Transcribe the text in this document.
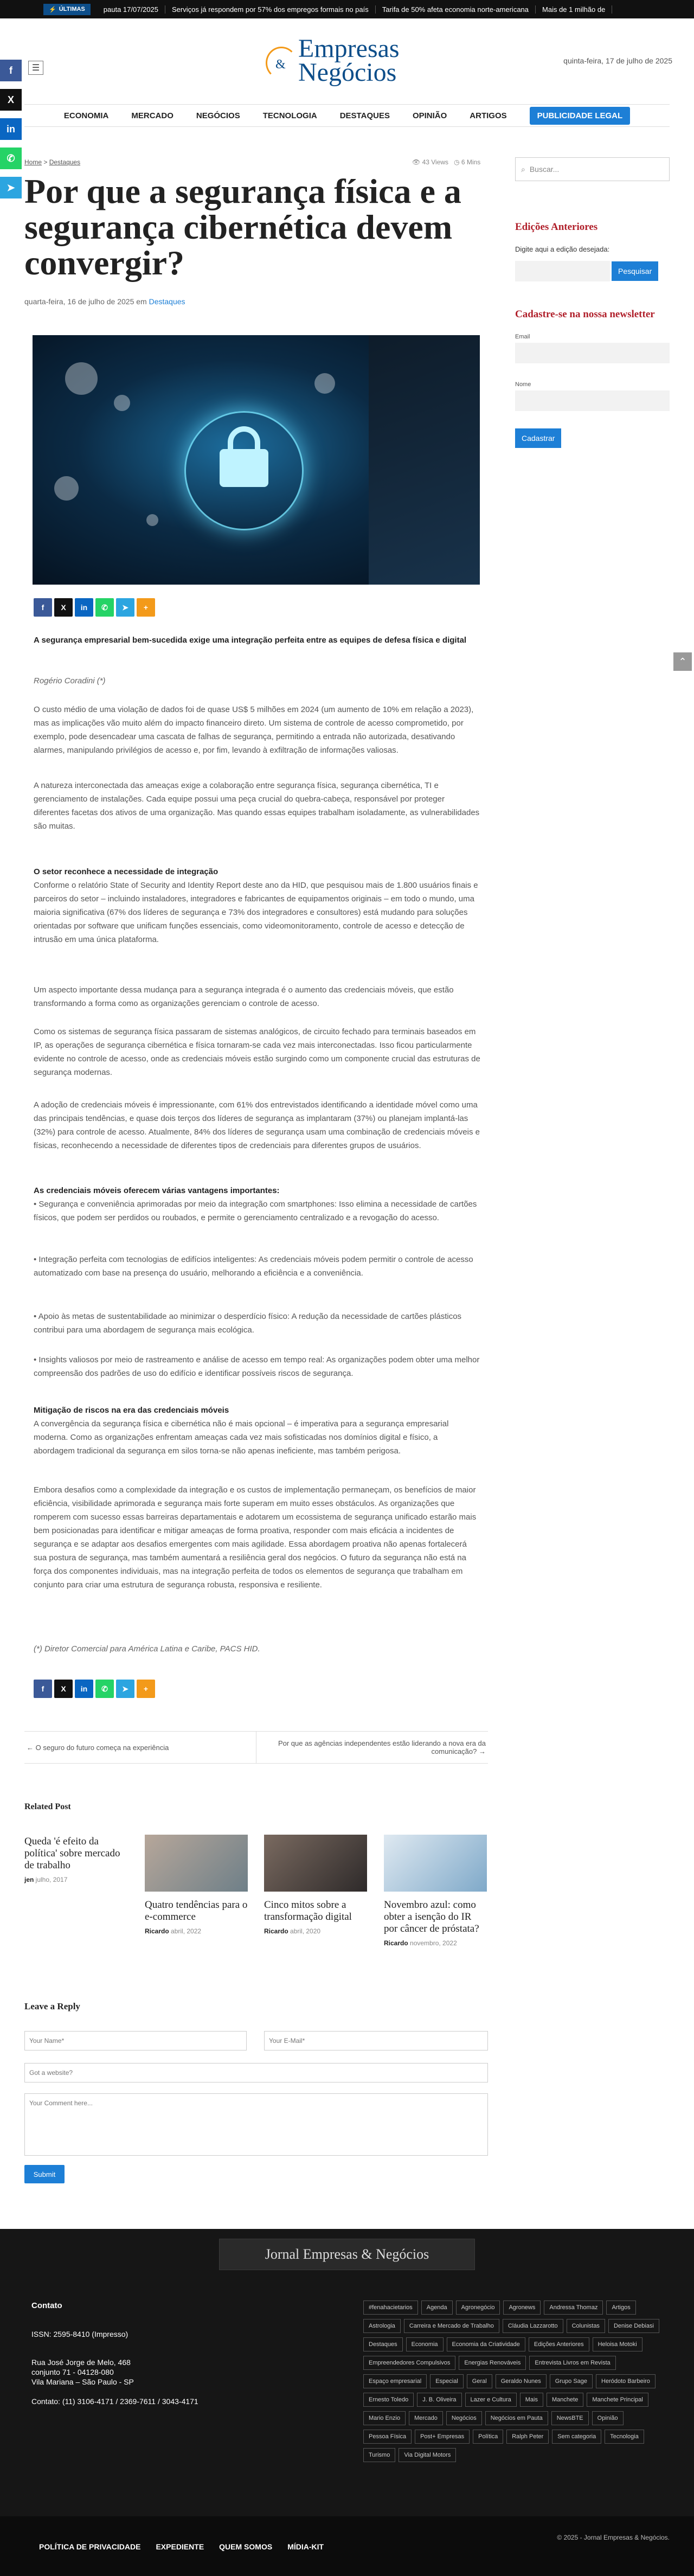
⚡ ÚLTIMAS	pauta 17/07/2025	Serviços já respondem por 57% dos empregos formais no país	Tarifa de 50% afeta economia norte-americana	Mais de 1 milhão de
f
X
in
✆
➤
☰
Empresas
& Negócios	quinta-feira, 17 de julho de 2025
ECONOMIA	MERCADO	NEGÓCIOS	TECNOLOGIA	DESTAQUES	OPINIÃO	ARTIGOS	PUBLICIDADE LEGAL
Home > Destaques	👁 43 Views ◷ 6 Mins
Por que a segurança física e a segurança cibernética devem convergir?
quarta-feira, 16 de julho de 2025 em Destaques
f	X	in	✆	➤	+
A segurança empresarial bem-sucedida exige uma integração perfeita entre as equipes de defesa física e digital
Rogério Coradini (*)
O custo médio de uma violação de dados foi de quase US$ 5 milhões em 2024 (um aumento de 10% em relação a 2023), mas as implicações vão muito além do impacto financeiro direto. Um sistema de controle de acesso comprometido, por exemplo, pode desencadear uma cascata de falhas de segurança, permitindo a entrada não autorizada, desativando alarmes, manipulando privilégios de acesso e, por fim, levando à exfiltração de informações valiosas.
A natureza interconectada das ameaças exige a colaboração entre segurança física, segurança cibernética, TI e gerenciamento de instalações. Cada equipe possui uma peça crucial do quebra-cabeça, responsável por proteger diferentes facetas dos ativos de uma organização. Mas quando essas equipes trabalham isoladamente, as vulnerabilidades são muitas.
O setor reconhece a necessidade de integração
Conforme o relatório State of Security and Identity Report deste ano da HID, que pesquisou mais de 1.800 usuários finais e parceiros do setor – incluindo instaladores, integradores e fabricantes de equipamentos originais – em todo o mundo, uma maioria significativa (67% dos líderes de segurança e 73% dos integradores e consultores) está mudando para soluções orientadas por software que unificam funções essenciais, como videomonitoramento, controle de acesso e detecção de intrusão em uma única plataforma.
Um aspecto importante dessa mudança para a segurança integrada é o aumento das credenciais móveis, que estão transformando a forma como as organizações gerenciam o controle de acesso.
Como os sistemas de segurança física passaram de sistemas analógicos, de circuito fechado para terminais baseados em IP, as operações de segurança cibernética e física tornaram-se cada vez mais interconectadas. Isso ficou particularmente evidente no controle de acesso, onde as credenciais móveis estão surgindo como um componente crucial das estruturas de segurança modernas.
A adoção de credenciais móveis é impressionante, com 61% dos entrevistados identificando a identidade móvel como uma das principais tendências, e quase dois terços dos líderes de segurança as implantaram (37%) ou planejam implantá-las (32%) para controle de acesso. Atualmente, 84% dos líderes de segurança usam uma combinação de credenciais móveis e físicas, reconhecendo a necessidade de diferentes tipos de credenciais para diferentes grupos de usuários.
As credenciais móveis oferecem várias vantagens importantes:
• Segurança e conveniência aprimoradas por meio da integração com smartphones: Isso elimina a necessidade de cartões físicos, que podem ser perdidos ou roubados, e permite o gerenciamento centralizado e a revogação do acesso.
• Integração perfeita com tecnologias de edifícios inteligentes: As credenciais móveis podem permitir o controle de acesso automatizado com base na presença do usuário, melhorando a eficiência e a conveniência.
• Apoio às metas de sustentabilidade ao minimizar o desperdício físico: A redução da necessidade de cartões plásticos contribui para uma abordagem de segurança mais ecológica.
• Insights valiosos por meio de rastreamento e análise de acesso em tempo real: As organizações podem obter uma melhor compreensão dos padrões de uso do edifício e identificar possíveis riscos de segurança.
Mitigação de riscos na era das credenciais móveis
A convergência da segurança física e cibernética não é mais opcional – é imperativa para a segurança empresarial moderna. Como as organizações enfrentam ameaças cada vez mais sofisticadas nos domínios digital e físico, a abordagem tradicional da segurança em silos torna-se não apenas ineficiente, mas também perigosa.
Embora desafios como a complexidade da integração e os custos de implementação permaneçam, os benefícios de maior eficiência, visibilidade aprimorada e segurança mais forte superam em muito esses obstáculos. As organizações que romperem com sucesso essas barreiras departamentais e adotarem um ecossistema de segurança unificado estarão mais bem posicionadas para identificar e mitigar ameaças de forma proativa, responder com mais eficácia a incidentes de segurança e se adaptar aos desafios emergentes com mais agilidade. Essa abordagem proativa não apenas fortalecerá sua postura de segurança, mas também aumentará a resiliência geral dos negócios. O futuro da segurança não está na força dos componentes individuais, mas na integração perfeita de todos os elementos de segurança que trabalham em conjunto para criar uma estrutura de segurança robusta, responsiva e resiliente.
(*) Diretor Comercial para América Latina e Caribe, PACS HID.
f	X	in	✆	➤	+
← O seguro do futuro começa na experiência	Por que as agências independentes estão liderando a nova era da comunicação? →
Related Post
Queda 'é efeito da política' sobre mercado de trabalho
jen julho, 2017
Quatro tendências para o e-commerce
Ricardo abril, 2022
Cinco mitos sobre a transformação digital
Ricardo abril, 2020
Novembro azul: como obter a isenção do IR por câncer de próstata?
Ricardo novembro, 2022
Leave a Reply
Your Name*	Your E-Mail*
Got a website?
Your Comment here...
Submit
⌕ Buscar...
Edições Anteriores
Digite aqui a edição desejada:
Pesquisar
Cadastre-se na nossa newsletter
Email
Nome
Cadastrar
⌃
Jornal Empresas & Negócios
Contato
ISSN: 2595-8410 (Impresso)
Rua José Jorge de Melo, 468
conjunto 71 - 04128-080
Vila Mariana – São Paulo - SP
Contato: (11) 3106-4171 / 2369-7611 / 3043-4171
#fenahacietarios	Agenda	Agronegócio	Agronews	Andressa Thomaz	Artigos
Astrologia	Carreira e Mercado de Trabalho	Cláudia Lazzarotto	Colunistas	Denise Debiasi
Destaques	Economia	Economia da Criatividade	Edições Anteriores	Heloisa Motoki
Empreendedores Compulsivos	Energias Renováveis	Entrevista Livros em Revista
Espaço empresarial	Especial	Geral	Geraldo Nunes	Grupo Sage	Heródoto Barbeiro
Ernesto Toledo	J. B. Oliveira	Lazer e Cultura	Mais	Manchete	Manchete Principal
Mario Enzio	Mercado	Negócios	Negócios em Pauta	NewsBTE	Opinião
Pessoa Física	Post+ Empresas	Política	Ralph Peter	Sem categoria	Tecnologia
Turismo	Via Digital Motors
POLÍTICA DE PRIVACIDADE EXPEDIENTE QUEM SOMOS MÍDIA-KIT
© 2025 - Jornal Empresas & Negócios.
